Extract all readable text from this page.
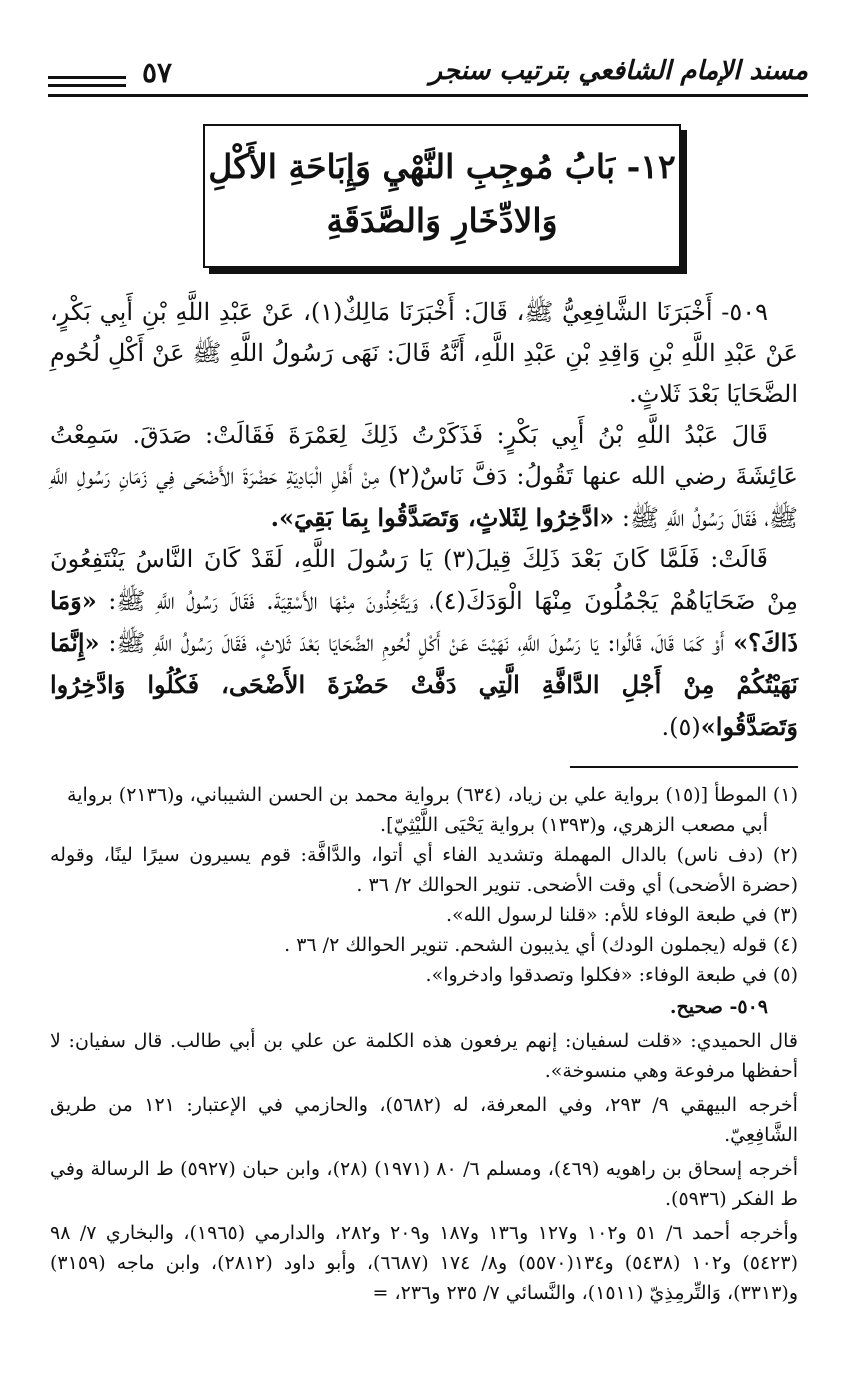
مسند الإمام الشافعي بترتيب سنجر
٥٧
١٢- بَابُ مُوجِبِ النَّهْيِ وَإِبَاحَةِ الأَكْلِ
وَالادِّخَارِ وَالصَّدَقَةِ

٥٠٩- أَخْبَرَنَا الشَّافِعِيُّ ﷺ، قَالَ: أَخْبَرَنَا مَالِكٌ(١)، عَنْ عَبْدِ اللَّهِ بْنِ أَبِي بَكْرٍ، عَنْ عَبْدِ اللَّهِ بْنِ وَاقِدِ بْنِ عَبْدِ اللَّهِ، أَنَّهُ قَالَ: نَهَى رَسُولُ اللَّهِ ﷺ عَنْ أَكْلِ لُحُومِ الضَّحَايَا بَعْدَ ثَلاثٍ.

قَالَ عَبْدُ اللَّهِ بْنُ أَبِي بَكْرٍ: فَذَكَرْتُ ذَلِكَ لِعَمْرَةَ فَقَالَتْ: صَدَقَ. سَمِعْتُ عَائِشَةَ رضي الله عنها تَقُولُ: دَفَّ نَاسٌ(٢) مِنْ أَهْلِ الْبَادِيَةِ حَضْرَةَ الأَضْحَى فِي زَمَانِ رَسُولِ اللَّهِ ﷺ، فَقَالَ رَسُولُ اللَّهِ ﷺ: «ادَّخِرُوا لِثَلاثٍ، وَتَصَدَّقُوا بِمَا بَقِيَ».

قَالَتْ: فَلَمَّا كَانَ بَعْدَ ذَلِكَ قِيلَ(٣) يَا رَسُولَ اللَّهِ، لَقَدْ كَانَ النَّاسُ يَنْتَفِعُونَ مِنْ ضَحَايَاهُمْ يَجْمُلُونَ مِنْهَا الْوَدَكَ(٤)، وَيَتَّخِذُونَ مِنْهَا الأَسْقِيَةَ. فَقَالَ رَسُولُ اللَّهِ ﷺ: «وَمَا ذَاكَ؟» أَوْ كَمَا قَالَ، قَالُوا: يَا رَسُولَ اللَّهِ، نَهَيْتَ عَنْ أَكْلِ لُحُومِ الضَّحَايَا بَعْدَ ثَلاثٍ، فَقَالَ رَسُولُ اللَّهِ ﷺ: «إِنَّمَا نَهَيْتُكُمْ مِنْ أَجْلِ الدَّافَّةِ الَّتِي دَفَّتْ حَضْرَةَ الأَضْحَى، فَكُلُوا وَادَّخِرُوا وَتَصَدَّقُوا»(٥).

(١) الموطأ [(١٥) برواية علي بن زياد، (٦٣٤) برواية محمد بن الحسن الشيباني، و(٢١٣٦) برواية

أبي مصعب الزهري، و(١٣٩٣) برواية يَحْيَى اللَّيْثِيّ].

(٢) (دف ناس) بالدال المهملة وتشديد الفاء أي أتوا، والدَّافَّة: قوم يسيرون سيرًا لينًا، وقوله (حضرة الأضحى) أي وقت الأضحى. تنوير الحوالك ٢/ ٣٦ .

(٣) في طبعة الوفاء للأم: «قلنا لرسول الله».

(٤) قوله (يجملون الودك) أي يذيبون الشحم. تنوير الحوالك ٢/ ٣٦ .

(٥) في طبعة الوفاء: «فكلوا وتصدقوا وادخروا».

٥٠٩- صحيح.

قال الحميدي: «قلت لسفيان: إنهم يرفعون هذه الكلمة عن علي بن أبي طالب. قال سفيان: لا أحفظها مرفوعة وهي منسوخة».

أخرجه البيهقي ٩/ ٢٩٣، وفي المعرفة، له (٥٦٨٢)، والحازمي في الإعتبار: ١٢١ من طريق الشَّافِعِيّ.

أخرجه إسحاق بن راهويه (٤٦٩)، ومسلم ٦/ ٨٠ (١٩٧١) (٢٨)، وابن حبان (٥٩٢٧) ط الرسالة وفي ط الفكر (٥٩٣٦).

وأخرجه أحمد ٦/ ٥١ و١٠٢ و١٢٧ و١٣٦ و١٨٧ و٢٠٩ و٢٨٢، والدارمي (١٩٦٥)، والبخاري ٧/ ٩٨ (٥٤٢٣) و١٠٢ (٥٤٣٨) و١٣٤(٥٥٧٠) و٨/ ١٧٤ (٦٦٨٧)، وأبو داود (٢٨١٢)، وابن ماجه (٣١٥٩) و(٣٣١٣)، وَالتِّرمِذِيّ (١٥١١)، والنَّسائي ٧/ ٢٣٥ و٢٣٦، =
